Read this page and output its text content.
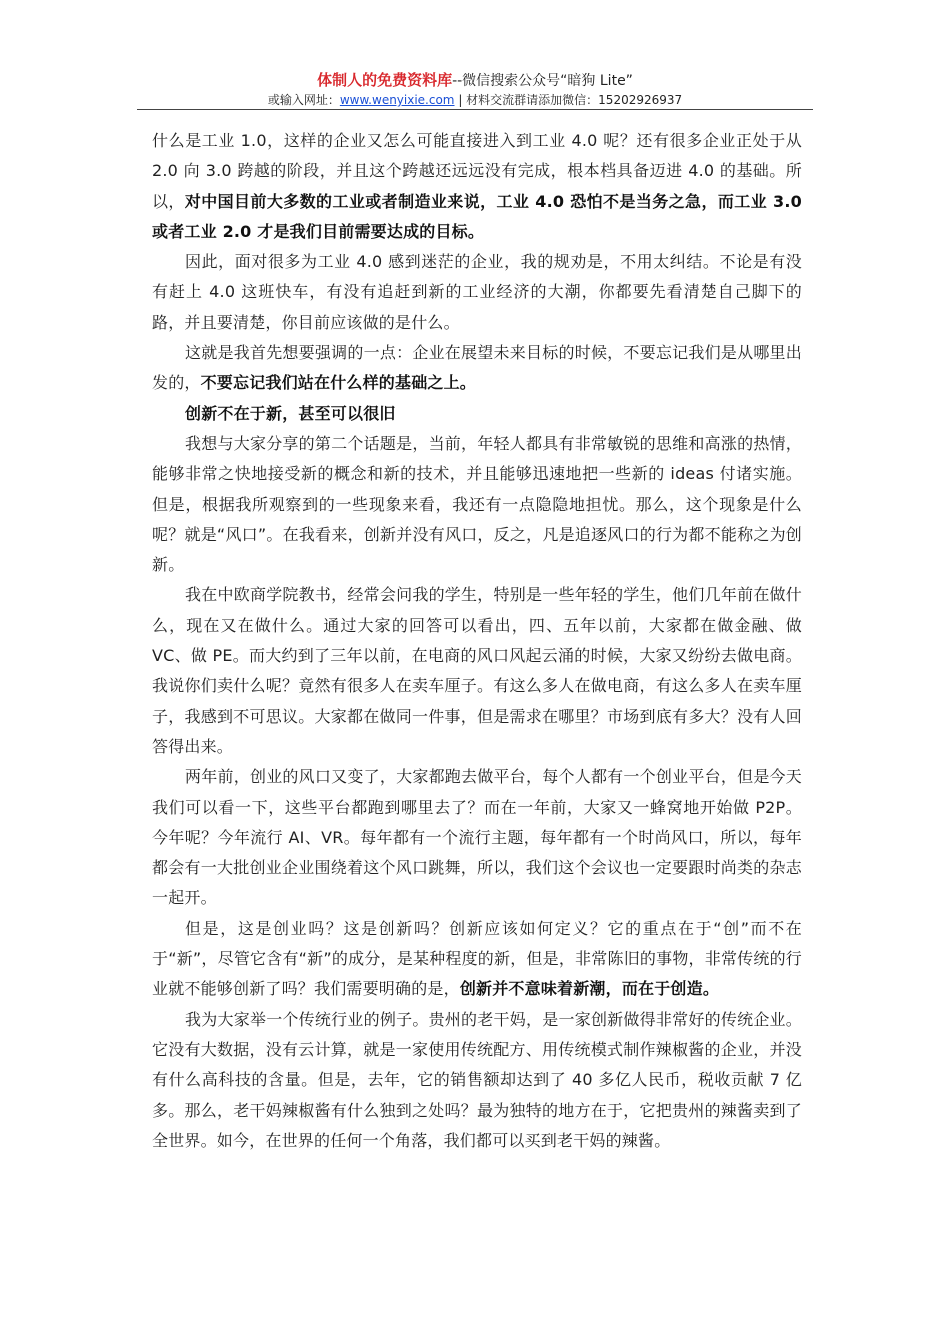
体制人的免费资料库--微信搜索公众号“暗狗 Lite”
或输入网址：www.wenyixie.com | 材料交流群请添加微信：15202926937

什么是工业 1.0，这样的企业又怎么可能直接进入到工业 4.0 呢？还有很多企业正处于从 2.0 向 3.0 跨越的阶段，并且这个跨越还远远没有完成，根本档具备迈进 4.0 的基础。所以，对中国目前大多数的工业或者制造业来说，工业 4.0 恐怕不是当务之急，而工业 3.0 或者工业 2.0 才是我们目前需要达成的目标。

因此，面对很多为工业 4.0 感到迷茫的企业，我的规劝是，不用太纠结。不论是有没有赶上 4.0 这班快车，有没有追赶到新的工业经济的大潮，你都要先看清楚自己脚下的路，并且要清楚，你目前应该做的是什么。

这就是我首先想要强调的一点：企业在展望未来目标的时候，不要忘记我们是从哪里出发的，不要忘记我们站在什么样的基础之上。

创新不在于新，甚至可以很旧

我想与大家分享的第二个话题是，当前，年轻人都具有非常敏锐的思维和高涨的热情，能够非常之快地接受新的概念和新的技术，并且能够迅速地把一些新的 ideas 付诸实施。但是，根据我所观察到的一些现象来看，我还有一点隐隐地担忧。那么，这个现象是什么呢？就是“风口”。在我看来，创新并没有风口，反之，凡是追逐风口的行为都不能称之为创新。

我在中欧商学院教书，经常会问我的学生，特别是一些年轻的学生，他们几年前在做什么，现在又在做什么。通过大家的回答可以看出，四、五年以前，大家都在做金融、做 VC、做 PE。而大约到了三年以前，在电商的风口风起云涌的时候，大家又纷纷去做电商。我说你们卖什么呢？竟然有很多人在卖车厘子。有这么多人在做电商，有这么多人在卖车厘子，我感到不可思议。大家都在做同一件事，但是需求在哪里？市场到底有多大？没有人回答得出来。

两年前，创业的风口又变了，大家都跑去做平台，每个人都有一个创业平台，但是今天我们可以看一下，这些平台都跑到哪里去了？而在一年前，大家又一蜂窝地开始做 P2P。今年呢？今年流行 AI、VR。每年都有一个流行主题，每年都有一个时尚风口，所以，每年都会有一大批创业企业围绕着这个风口跳舞，所以，我们这个会议也一定要跟时尚类的杂志一起开。

但是，这是创业吗？这是创新吗？创新应该如何定义？它的重点在于“创”而不在于“新”，尽管它含有“新”的成分，是某种程度的新，但是，非常陈旧的事物，非常传统的行业就不能够创新了吗？我们需要明确的是，创新并不意味着新潮，而在于创造。

我为大家举一个传统行业的例子。贵州的老干妈，是一家创新做得非常好的传统企业。它没有大数据，没有云计算，就是一家使用传统配方、用传统模式制作辣椒酱的企业，并没有什么高科技的含量。但是，去年，它的销售额却达到了 40 多亿人民币，税收贡献 7 亿多。那么，老干妈辣椒酱有什么独到之处吗？最为独特的地方在于，它把贵州的辣酱卖到了全世界。如今，在世界的任何一个角落，我们都可以买到老干妈的辣酱。
